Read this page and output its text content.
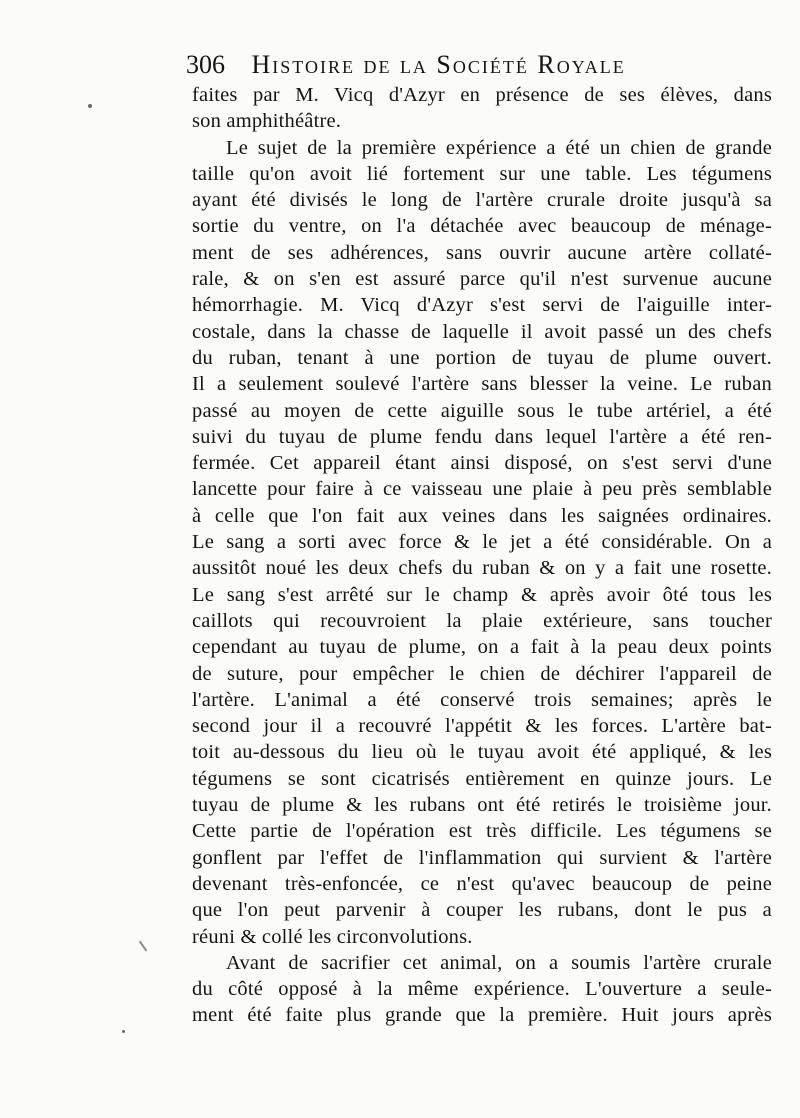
306 Histoire de la Société Royale
faites par M. Vicq d'Azyr en présence de ses élèves, dans
son amphithéâtre.
Le sujet de la première expérience a été un chien de grande
taille qu'on avoit lié fortement sur une table. Les tégumens
ayant été divisés le long de l'artère crurale droite jusqu'à sa
sortie du ventre, on l'a détachée avec beaucoup de ménage-
ment de ses adhérences, sans ouvrir aucune artère collaté-
rale, & on s'en est assuré parce qu'il n'est survenue aucune
hémorrhagie. M. Vicq d'Azyr s'est servi de l'aiguille inter-
costale, dans la chasse de laquelle il avoit passé un des chefs
du ruban, tenant à une portion de tuyau de plume ouvert.
Il a seulement soulevé l'artère sans blesser la veine. Le ruban
passé au moyen de cette aiguille sous le tube artériel, a été
suivi du tuyau de plume fendu dans lequel l'artère a été ren-
fermée. Cet appareil étant ainsi disposé, on s'est servi d'une
lancette pour faire à ce vaisseau une plaie à peu près semblable
à celle que l'on fait aux veines dans les saignées ordinaires.
Le sang a sorti avec force & le jet a été considérable. On a
aussitôt noué les deux chefs du ruban & on y a fait une rosette.
Le sang s'est arrêté sur le champ & après avoir ôté tous les
caillots qui recouvroient la plaie extérieure, sans toucher
cependant au tuyau de plume, on a fait à la peau deux points
de suture, pour empêcher le chien de déchirer l'appareil de
l'artère. L'animal a été conservé trois semaines; après le
second jour il a recouvré l'appétit & les forces. L'artère bat-
toit au-dessous du lieu où le tuyau avoit été appliqué, & les
tégumens se sont cicatrisés entièrement en quinze jours. Le
tuyau de plume & les rubans ont été retirés le troisième jour.
Cette partie de l'opération est très difficile. Les tégumens se
gonflent par l'effet de l'inflammation qui survient & l'artère
devenant très-enfoncée, ce n'est qu'avec beaucoup de peine
que l'on peut parvenir à couper les rubans, dont le pus a
réuni & collé les circonvolutions.
Avant de sacrifier cet animal, on a soumis l'artère crurale
du côté opposé à la même expérience. L'ouverture a seule-
ment été faite plus grande que la première. Huit jours après
